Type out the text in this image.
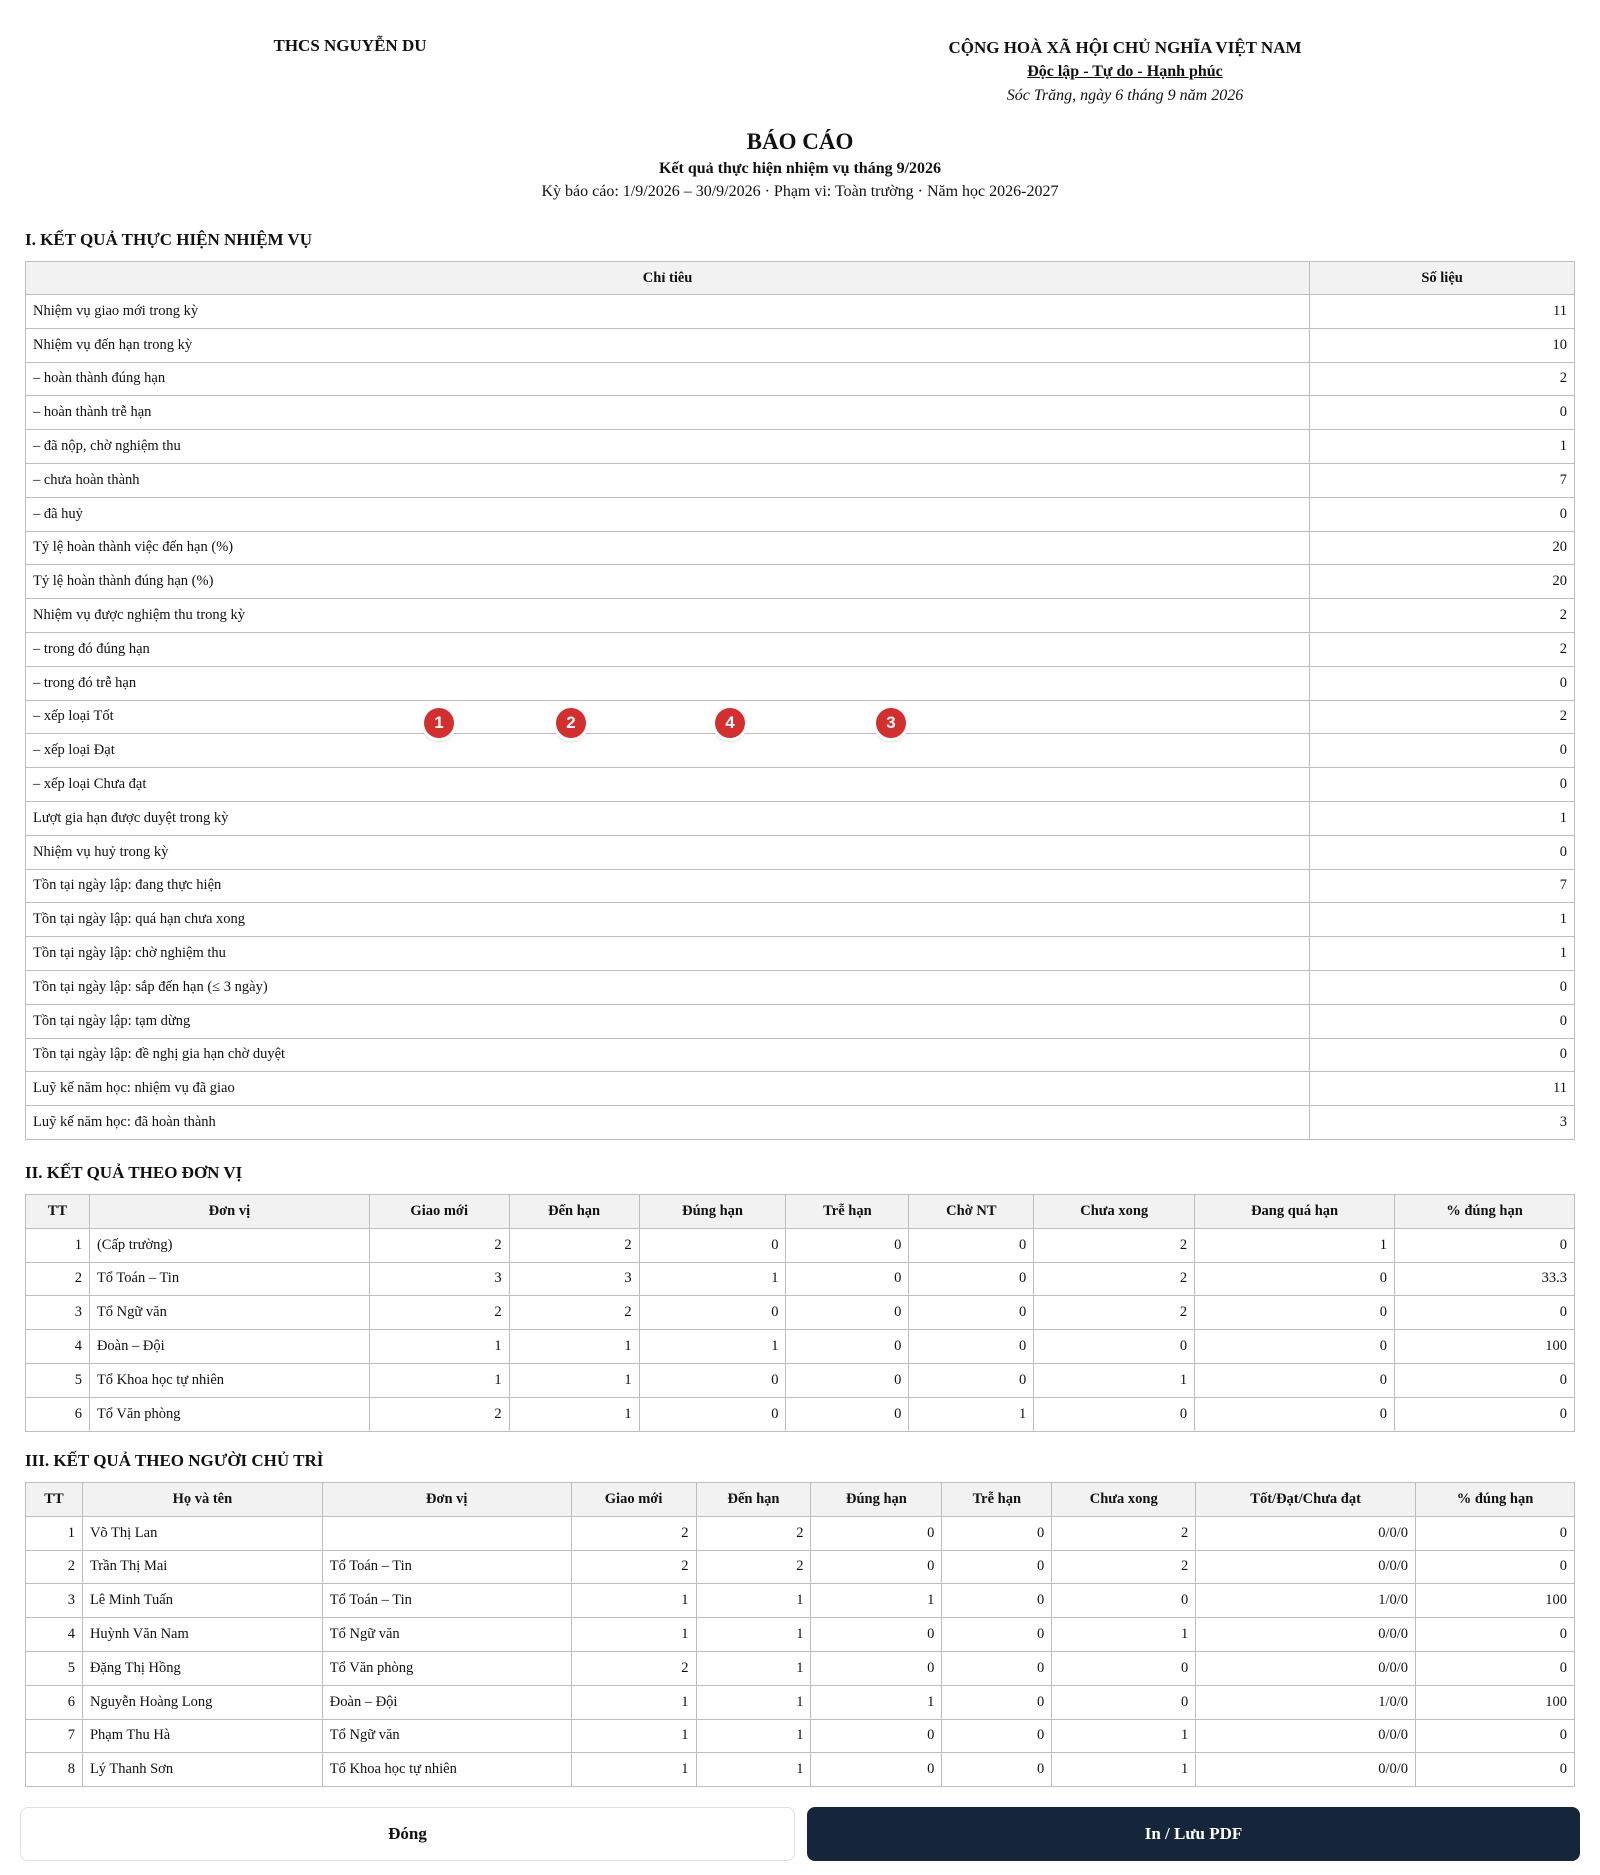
THCS NGUYỄN DU	CỘNG HOÀ XÃ HỘI CHỦ NGHĨA VIỆT NAM
Độc lập - Tự do - Hạnh phúc
Sóc Trăng, ngày 6 tháng 9 năm 2026
BÁO CÁO
Kết quả thực hiện nhiệm vụ tháng 9/2026
Kỳ báo cáo: 1/9/2026 – 30/9/2026 · Phạm vi: Toàn trường · Năm học 2026-2027
I. KẾT QUẢ THỰC HIỆN NHIỆM VỤ
Chỉ tiêu	Số liệu
Nhiệm vụ giao mới trong kỳ	11
Nhiệm vụ đến hạn trong kỳ	10
– hoàn thành đúng hạn	2
– hoàn thành trễ hạn	0
– đã nộp, chờ nghiệm thu	1
– chưa hoàn thành	7
– đã huỷ	0
Tỷ lệ hoàn thành việc đến hạn (%)	20
Tỷ lệ hoàn thành đúng hạn (%)	20
Nhiệm vụ được nghiệm thu trong kỳ	2
– trong đó đúng hạn	2
– trong đó trễ hạn	0
– xếp loại Tốt	2
– xếp loại Đạt	0
– xếp loại Chưa đạt	0
Lượt gia hạn được duyệt trong kỳ	1
Nhiệm vụ huỷ trong kỳ	0
Tồn tại ngày lập: đang thực hiện	7
Tồn tại ngày lập: quá hạn chưa xong	1
Tồn tại ngày lập: chờ nghiệm thu	1
Tồn tại ngày lập: sắp đến hạn (≤ 3 ngày)	0
Tồn tại ngày lập: tạm dừng	0
Tồn tại ngày lập: đề nghị gia hạn chờ duyệt	0
Luỹ kế năm học: nhiệm vụ đã giao	11
Luỹ kế năm học: đã hoàn thành	3
II. KẾT QUẢ THEO ĐƠN VỊ
TT	Đơn vị	Giao mới	Đến hạn	Đúng hạn	Trễ hạn	Chờ NT	Chưa xong	Đang quá hạn	% đúng hạn
1	(Cấp trường)	2	2	0	0	0	2	1	0
2	Tổ Toán – Tin	3	3	1	0	0	2	0	33.3
3	Tổ Ngữ văn	2	2	0	0	0	2	0	0
4	Đoàn – Đội	1	1	1	0	0	0	0	100
5	Tổ Khoa học tự nhiên	1	1	0	0	0	1	0	0
6	Tổ Văn phòng	2	1	0	0	1	0	0	0
III. KẾT QUẢ THEO NGƯỜI CHỦ TRÌ
TT	Họ và tên	Đơn vị	Giao mới	Đến hạn	Đúng hạn	Trễ hạn	Chưa xong	Tốt/Đạt/Chưa đạt	% đúng hạn
1	Võ Thị Lan		2	2	0	0	2	0/0/0	0
2	Trần Thị Mai	Tổ Toán – Tin	2	2	0	0	2	0/0/0	0
3	Lê Minh Tuấn	Tổ Toán – Tin	1	1	1	0	0	1/0/0	100
4	Huỳnh Văn Nam	Tổ Ngữ văn	1	1	0	0	1	0/0/0	0
5	Đặng Thị Hồng	Tổ Văn phòng	2	1	0	0	0	0/0/0	0
6	Nguyễn Hoàng Long	Đoàn – Đội	1	1	1	0	0	1/0/0	100
7	Phạm Thu Hà	Tổ Ngữ văn	1	1	0	0	1	0/0/0	0
8	Lý Thanh Sơn	Tổ Khoa học tự nhiên	1	1	0	0	1	0/0/0	0
1	2	4	3
Đóng	In / Lưu PDF
